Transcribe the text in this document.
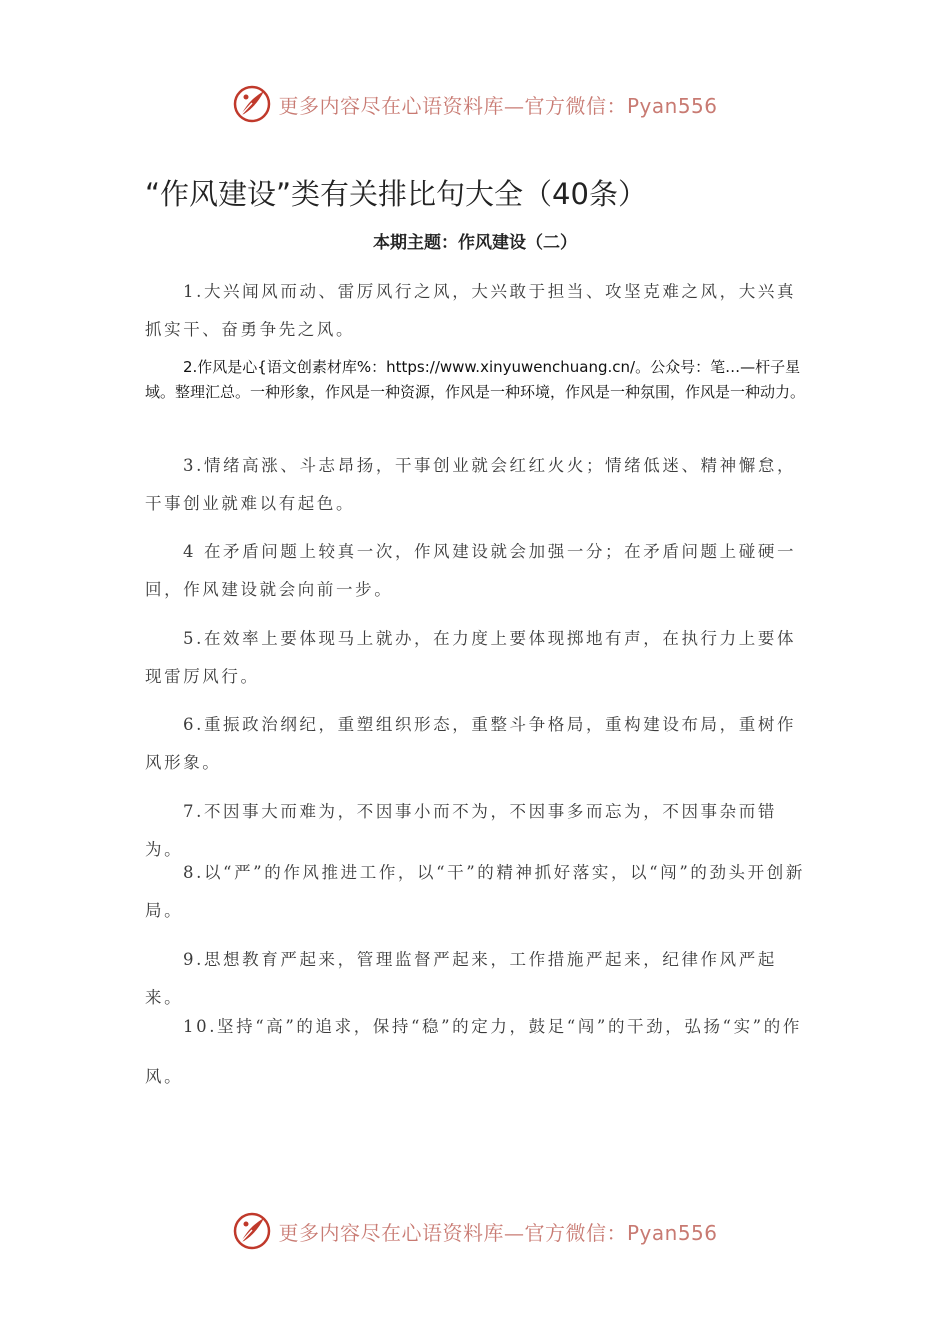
更多内容尽在心语资料库—官方微信：Pyan556
“作风建设”类有关排比句大全（40条）
本期主题：作风建设（二）

1.大兴闻风而动、雷厉风行之风，大兴敢于担当、攻坚克难之风，大兴真抓实干、奋勇争先之风。

2.作风是心{语文创素材库%：https://www.xinyuwenchuang.cn/。公众号：笔…—杆子星域。整理汇总。一种形象，作风是一种资源，作风是一种环境，作风是一种氛围，作风是一种动力。

3.情绪高涨、斗志昂扬，干事创业就会红红火火；情绪低迷、精神懈怠，干事创业就难以有起色。

4 在矛盾问题上较真一次，作风建设就会加强一分；在矛盾问题上碰硬一回，作风建设就会向前一步。

5.在效率上要体现马上就办，在力度上要体现掷地有声，在执行力上要体现雷厉风行。

6.重振政治纲纪，重塑组织形态，重整斗争格局，重构建设布局，重树作风形象。

7.不因事大而难为，不因事小而不为，不因事多而忘为，不因事杂而错为。

8.以“严”的作风推进工作，以“干”的精神抓好落实，以“闯”的劲头开创新局。

9.思想教育严起来，管理监督严起来，工作措施严起来，纪律作风严起来。

10.坚持“高”的追求，保持“稳”的定力，鼓足“闯”的干劲，弘扬“实”的作风。

更多内容尽在心语资料库—官方微信：Pyan556
